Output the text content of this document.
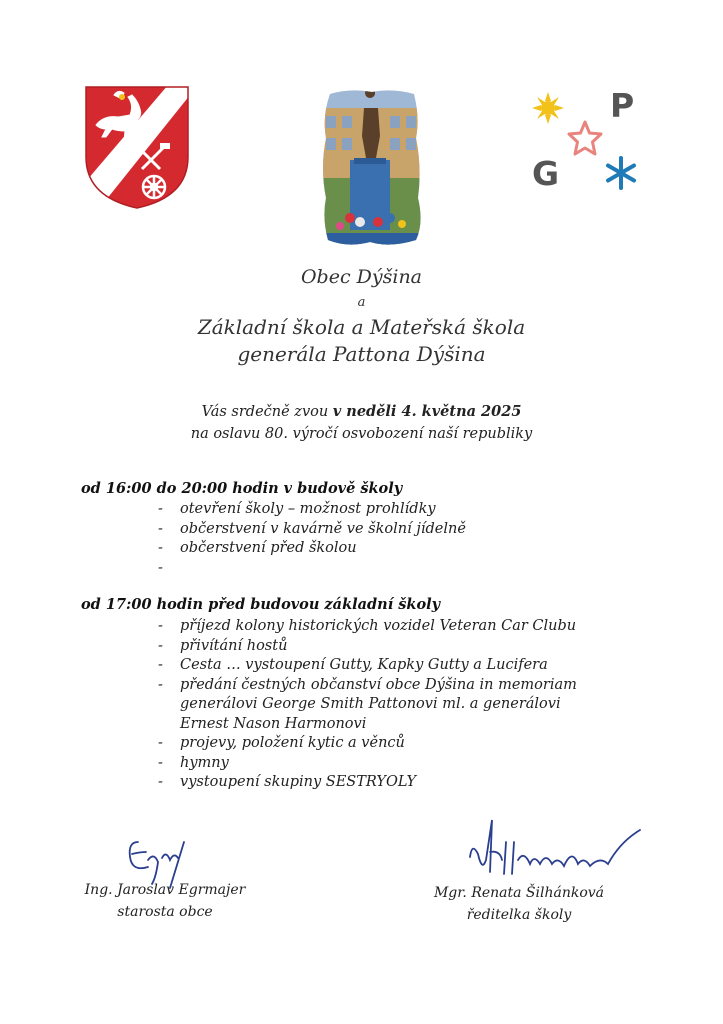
P
G
Obec Dýšina
a
Základní škola a Mateřská škola
generála Pattona Dýšina
Vás srdečně zvou v neděli 4. května 2025
na oslavu 80. výročí osvobození naší republiky
od 16:00 do 20:00 hodin v budově školy
- otevření školy – možnost prohlídky
- občerstvení v kavárně ve školní jídelně
- občerstvení před školou
-
od 17:00 hodin před budovou základní školy
- příjezd kolony historických vozidel Veteran Car Clubu
- přivítání hostů
- Cesta … vystoupení Gutty, Kapky Gutty a Lucifera
- předání čestných občanství obce Dýšina in memoriam
generálovi George Smith Pattonovi ml. a generálovi
Ernest Nason Harmonovi
- projevy, položení kytic a věnců
- hymny
- vystoupení skupiny SESTRYOLY
Ing. Jaroslav Egrmajer
starosta obce
Mgr. Renata Šilhánková
ředitelka školy
